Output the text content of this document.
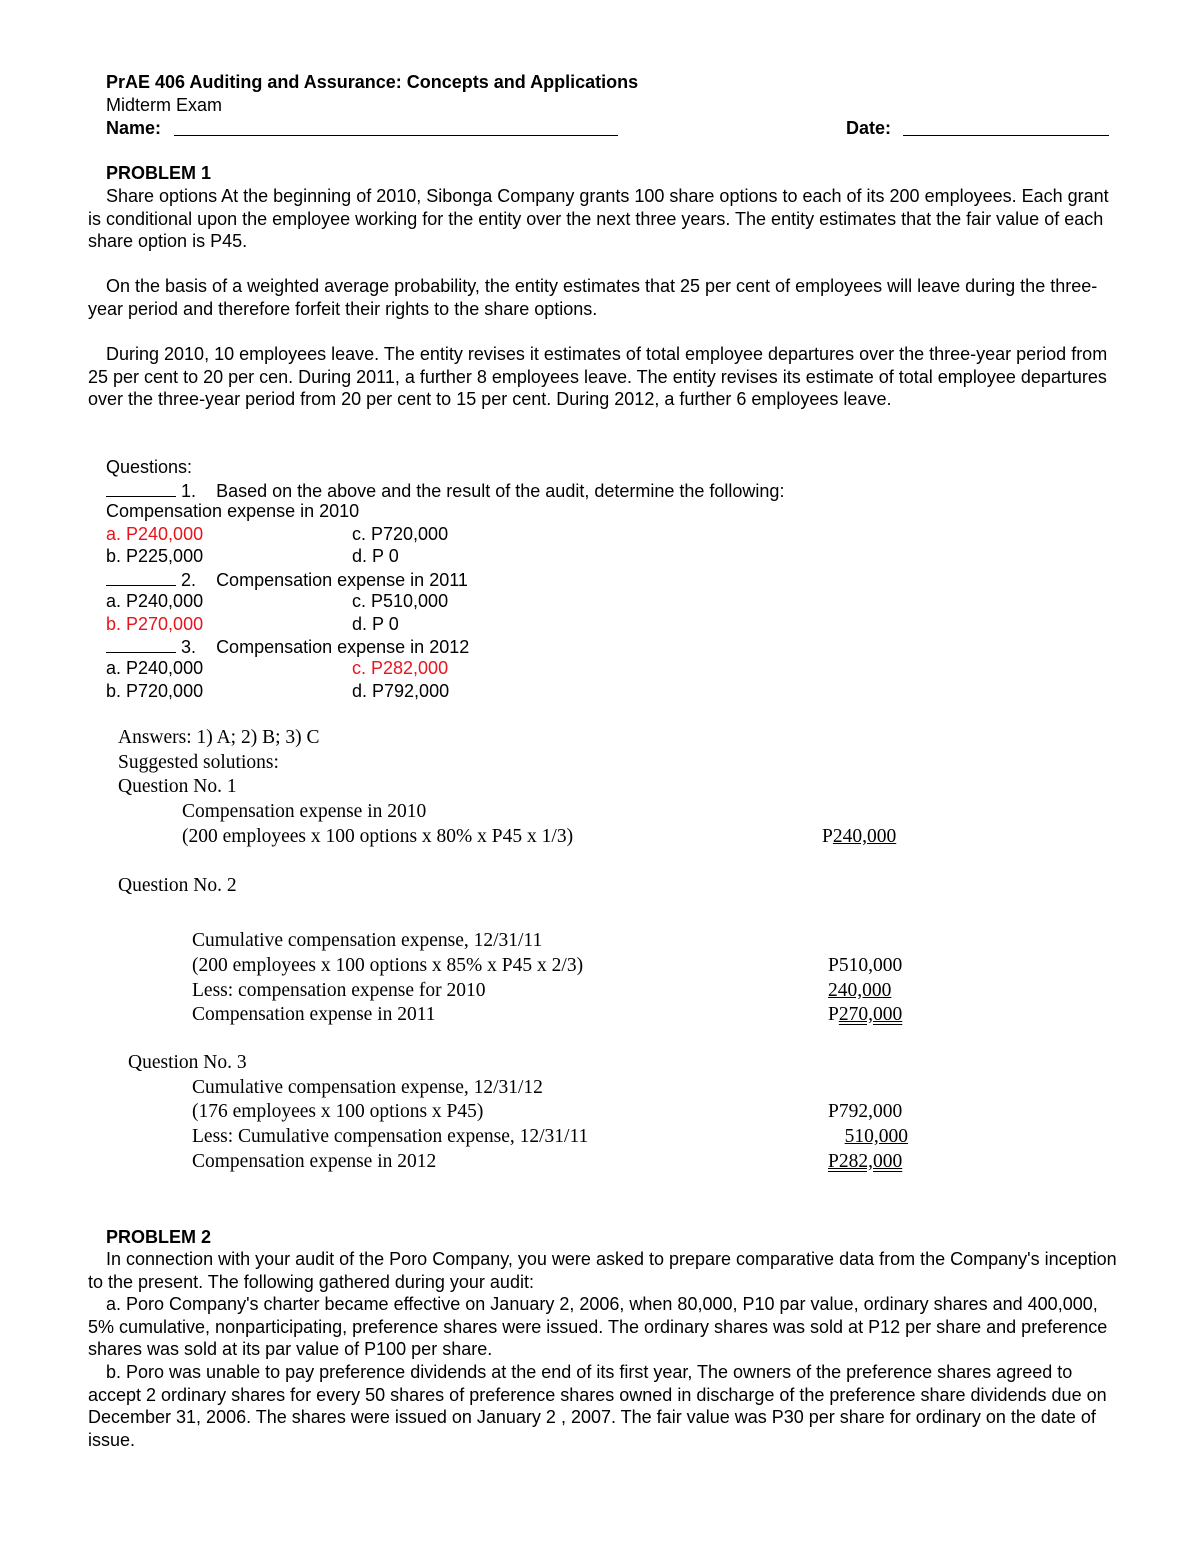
PrAE 406 Auditing and Assurance: Concepts and Applications
Midterm Exam
Name:	Date:
PROBLEM 1

Share options At the beginning of 2010, Sibonga Company grants 100 share options to each of its 200 employees. Each grant is conditional upon the employee working for the entity over the next three years. The entity estimates that the fair value of each share option is P45.

On the basis of a weighted average probability, the entity estimates that 25 per cent of employees will leave during the three-year period and therefore forfeit their rights to the share options.

During 2010, 10 employees leave. The entity revises it estimates of total employee departures over the three-year period from 25 per cent to 20 per cen. During 2011, a further 8 employees leave. The entity revises its estimate of total employee departures over the three-year period from 20 per cent to 15 per cent. During 2012, a further 6 employees leave.

Questions:
1. Based on the above and the result of the audit, determine the following:
Compensation expense in 2010
a. P240,000	c. P720,000
b. P225,000	d. P 0
2. Compensation expense in 2011
a. P240,000	c. P510,000
b. P270,000	d. P 0
3. Compensation expense in 2012
a. P240,000	c. P282,000
b. P720,000	d. P792,000
Answers: 1) A; 2) B; 3) C
Suggested solutions:
Question No. 1
Compensation expense in 2010
(200 employees x 100 options x 80% x P45 x 1/3)	P240,000
Question No. 2
Cumulative compensation expense, 12/31/11
(200 employees x 100 options x 85% x P45 x 2/3)	P510,000
Less: compensation expense for 2010	240,000
Compensation expense in 2011	P270,000
Question No. 3
Cumulative compensation expense, 12/31/12
(176 employees x 100 options x P45)	P792,000
Less: Cumulative compensation expense, 12/31/11	510,000
Compensation expense in 2012	P282,000
PROBLEM 2

In connection with your audit of the Poro Company, you were asked to prepare comparative data from the Company's inception to the present. The following gathered during your audit:

a. Poro Company's charter became effective on January 2, 2006, when 80,000, P10 par value, ordinary shares and 400,000, 5% cumulative, nonparticipating, preference shares were issued. The ordinary shares was sold at P12 per share and preference shares was sold at its par value of P100 per share.

b. Poro was unable to pay preference dividends at the end of its first year, The owners of the preference shares agreed to accept 2 ordinary shares for every 50 shares of preference shares owned in discharge of the preference share dividends due on December 31, 2006. The shares were issued on January 2 , 2007. The fair value was P30 per share for ordinary on the date of issue.
